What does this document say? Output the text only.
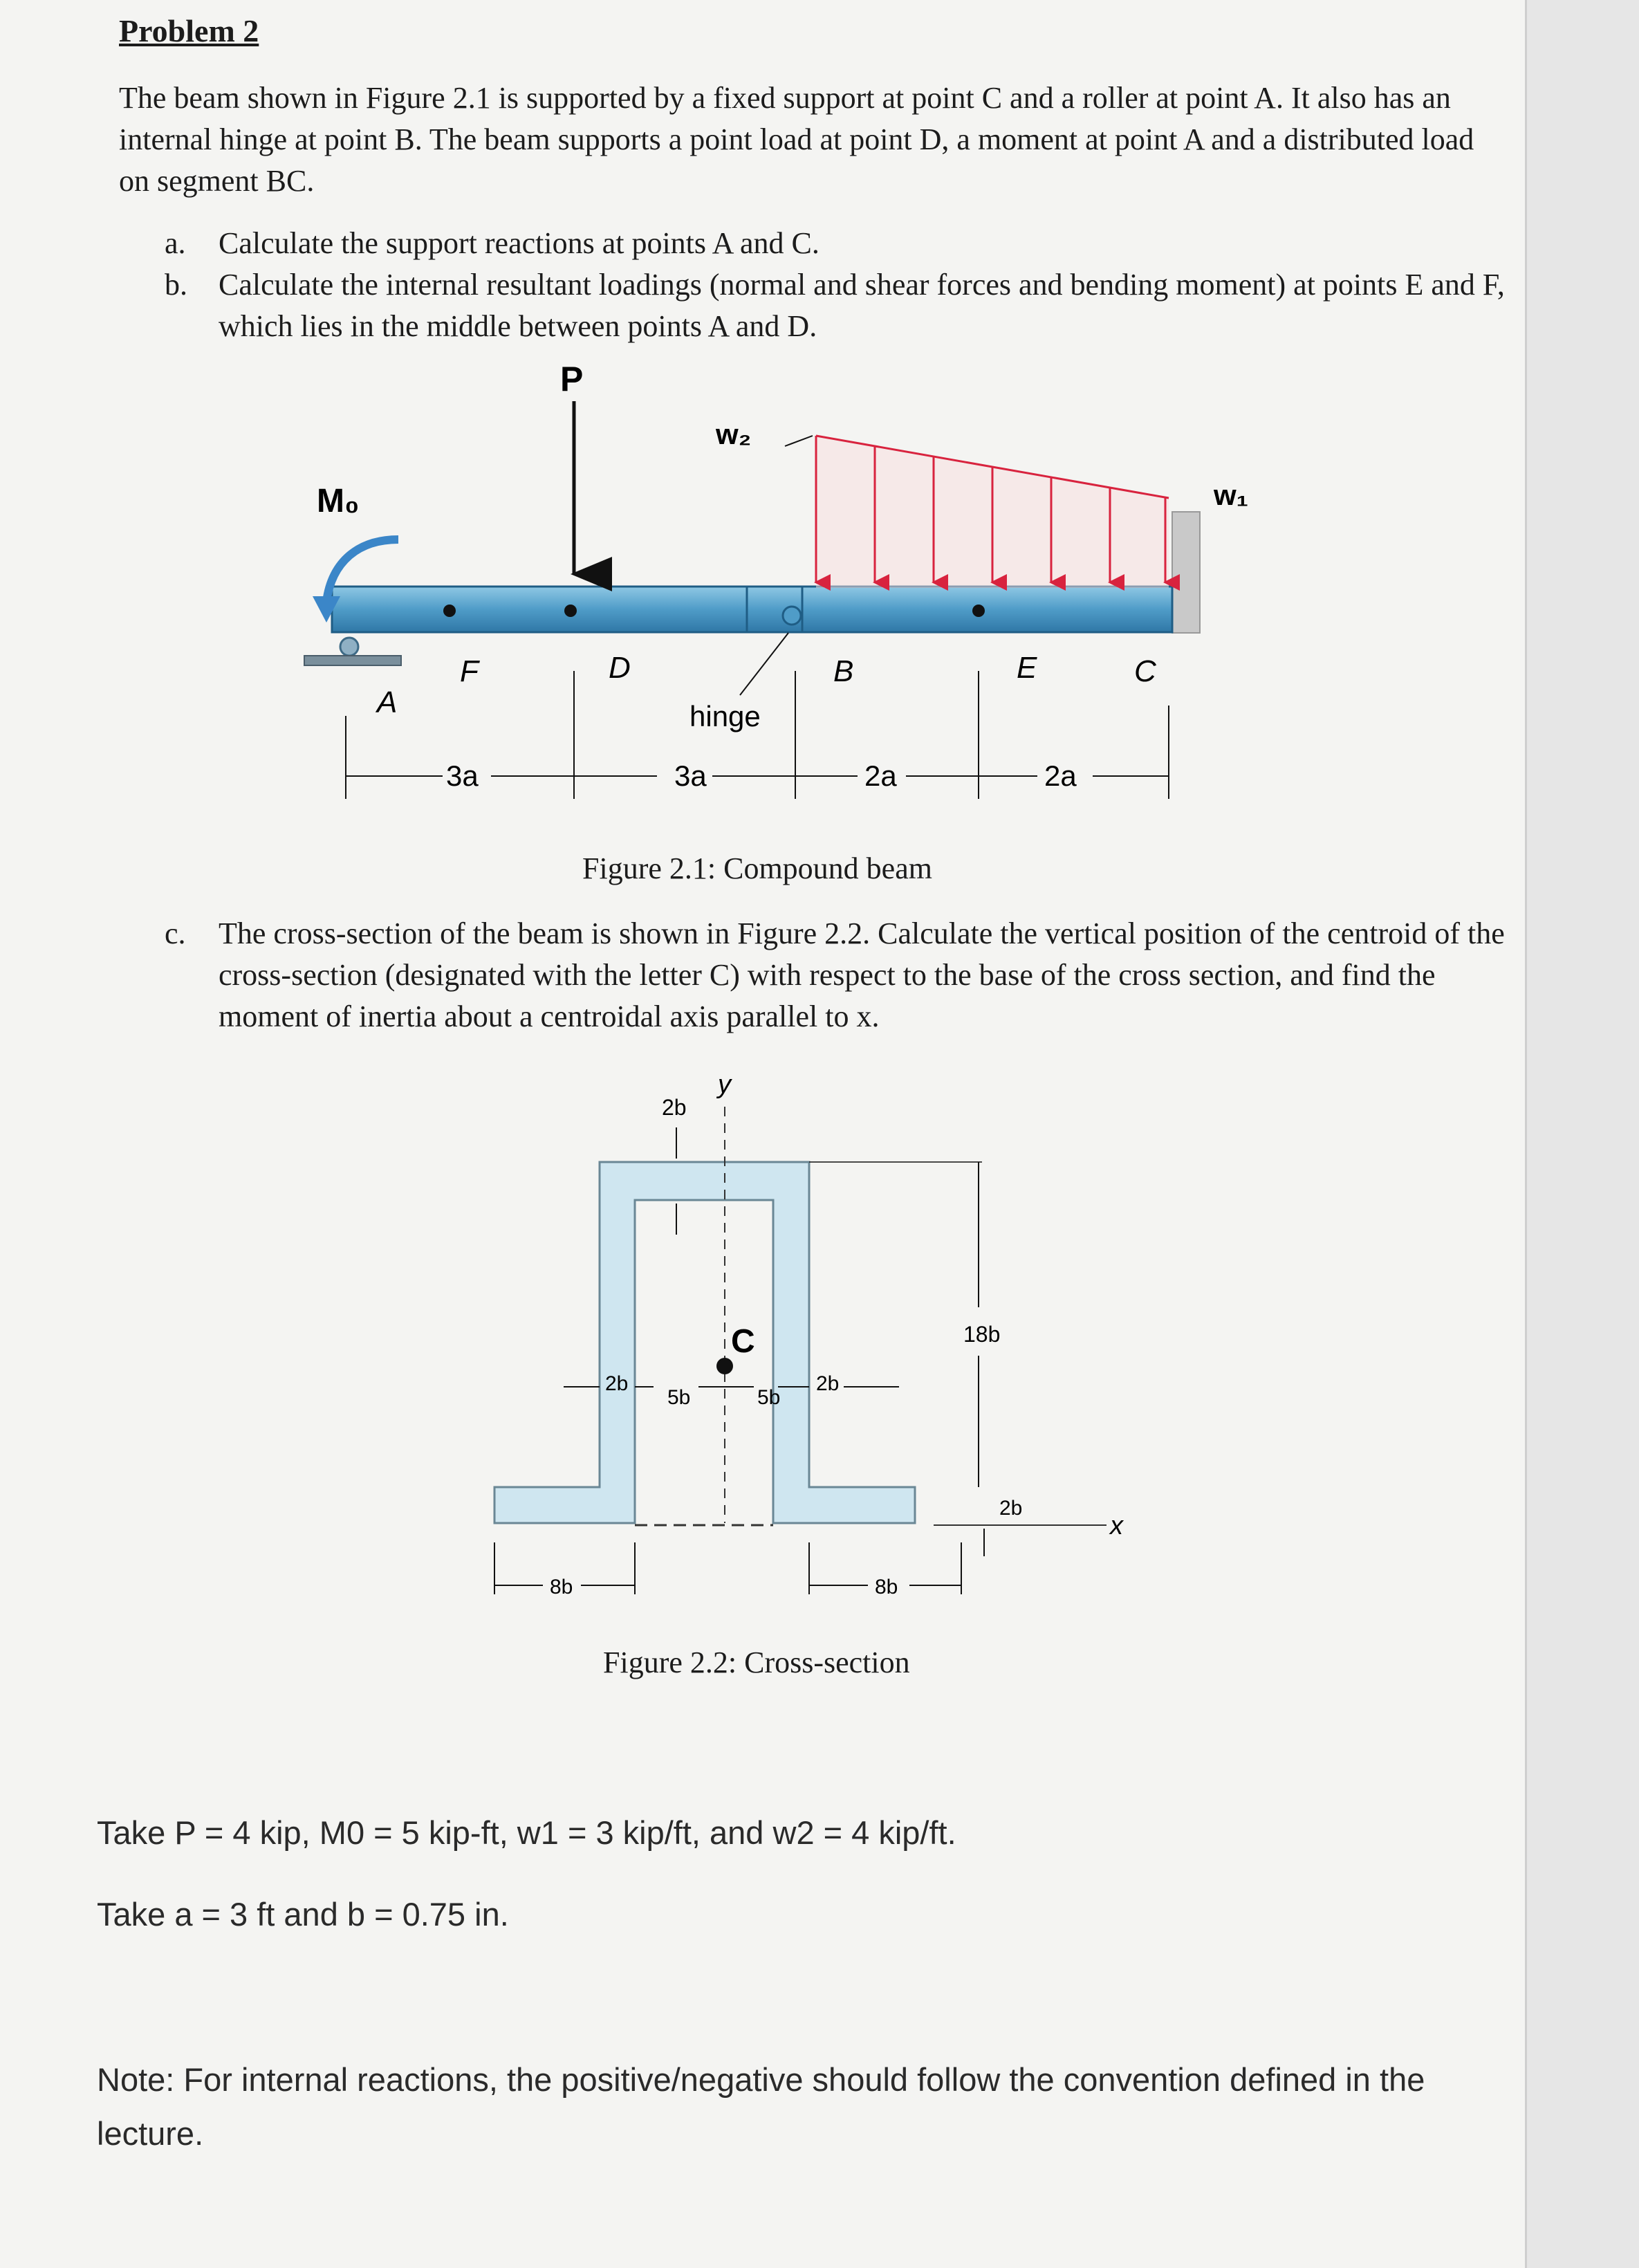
Problem 2
The beam shown in Figure 2.1 is supported by a fixed support at point C and a roller at point A. It also has an internal hinge at point B. The beam supports a point load at point D, a moment at point A and a distributed load on segment BC.
a. Calculate the support reactions at points A and C.
b. Calculate the internal resultant loadings (normal and shear forces and bending moment) at points E and F, which lies in the middle between points A and D.
w₂
w₁
P
M₀
A
F	D	B	E	C
hinge
3a	3a	2a	2a
Figure 2.1: Compound beam
c. The cross-section of the beam is shown in Figure 2.2. Calculate the vertical position of the centroid of the cross-section (designated with the letter C) with respect to the base of the cross section, and find the moment of inertia about a centroidal axis parallel to x.
x
y
C
2b
18b
2b
5b	5b
2b
2b
8b	8b
Figure 2.2: Cross-section
Take P = 4 kip, M0 = 5 kip-ft, w1 = 3 kip/ft, and w2 = 4 kip/ft.
Take a = 3 ft and b = 0.75 in.
Note: For internal reactions, the positive/negative should follow the convention defined in the lecture.
